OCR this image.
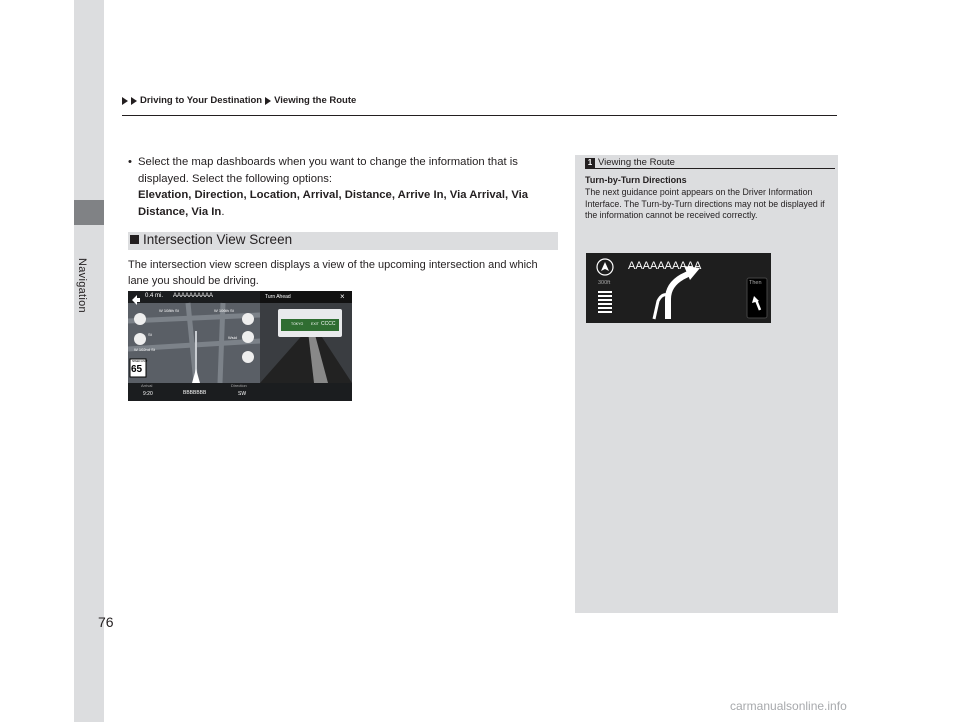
Navigation
76
Driving to Your Destination Viewing the Route
• Select the map dashboards when you want to change the information that is displayed. Select the following options:
Elevation, Direction, Location, Arrival, Distance, Arrive In, Via Arrival, Via Distance, Via In.
Intersection View Screen
The intersection view screen displays a view of the upcoming intersection and which lane you should be driving.
0.4 mi. AAAAAAAAAA	Turn Ahead	×
W 108th St	W 106th St
Wsid
W 102nd St
St
TOKYO EXIT CCCC
SPEED LIMIT
65
Arrival
9:20	BBBBBBB
Direction
SW
1 Viewing the Route
Turn-by-Turn Directions
The next guidance point appears on the Driver Information Interface. The Turn-by-Turn directions may not be displayed if the information cannot be received correctly.
AAAAAAAAAA
300ft	Then
carmanualsonline.info
